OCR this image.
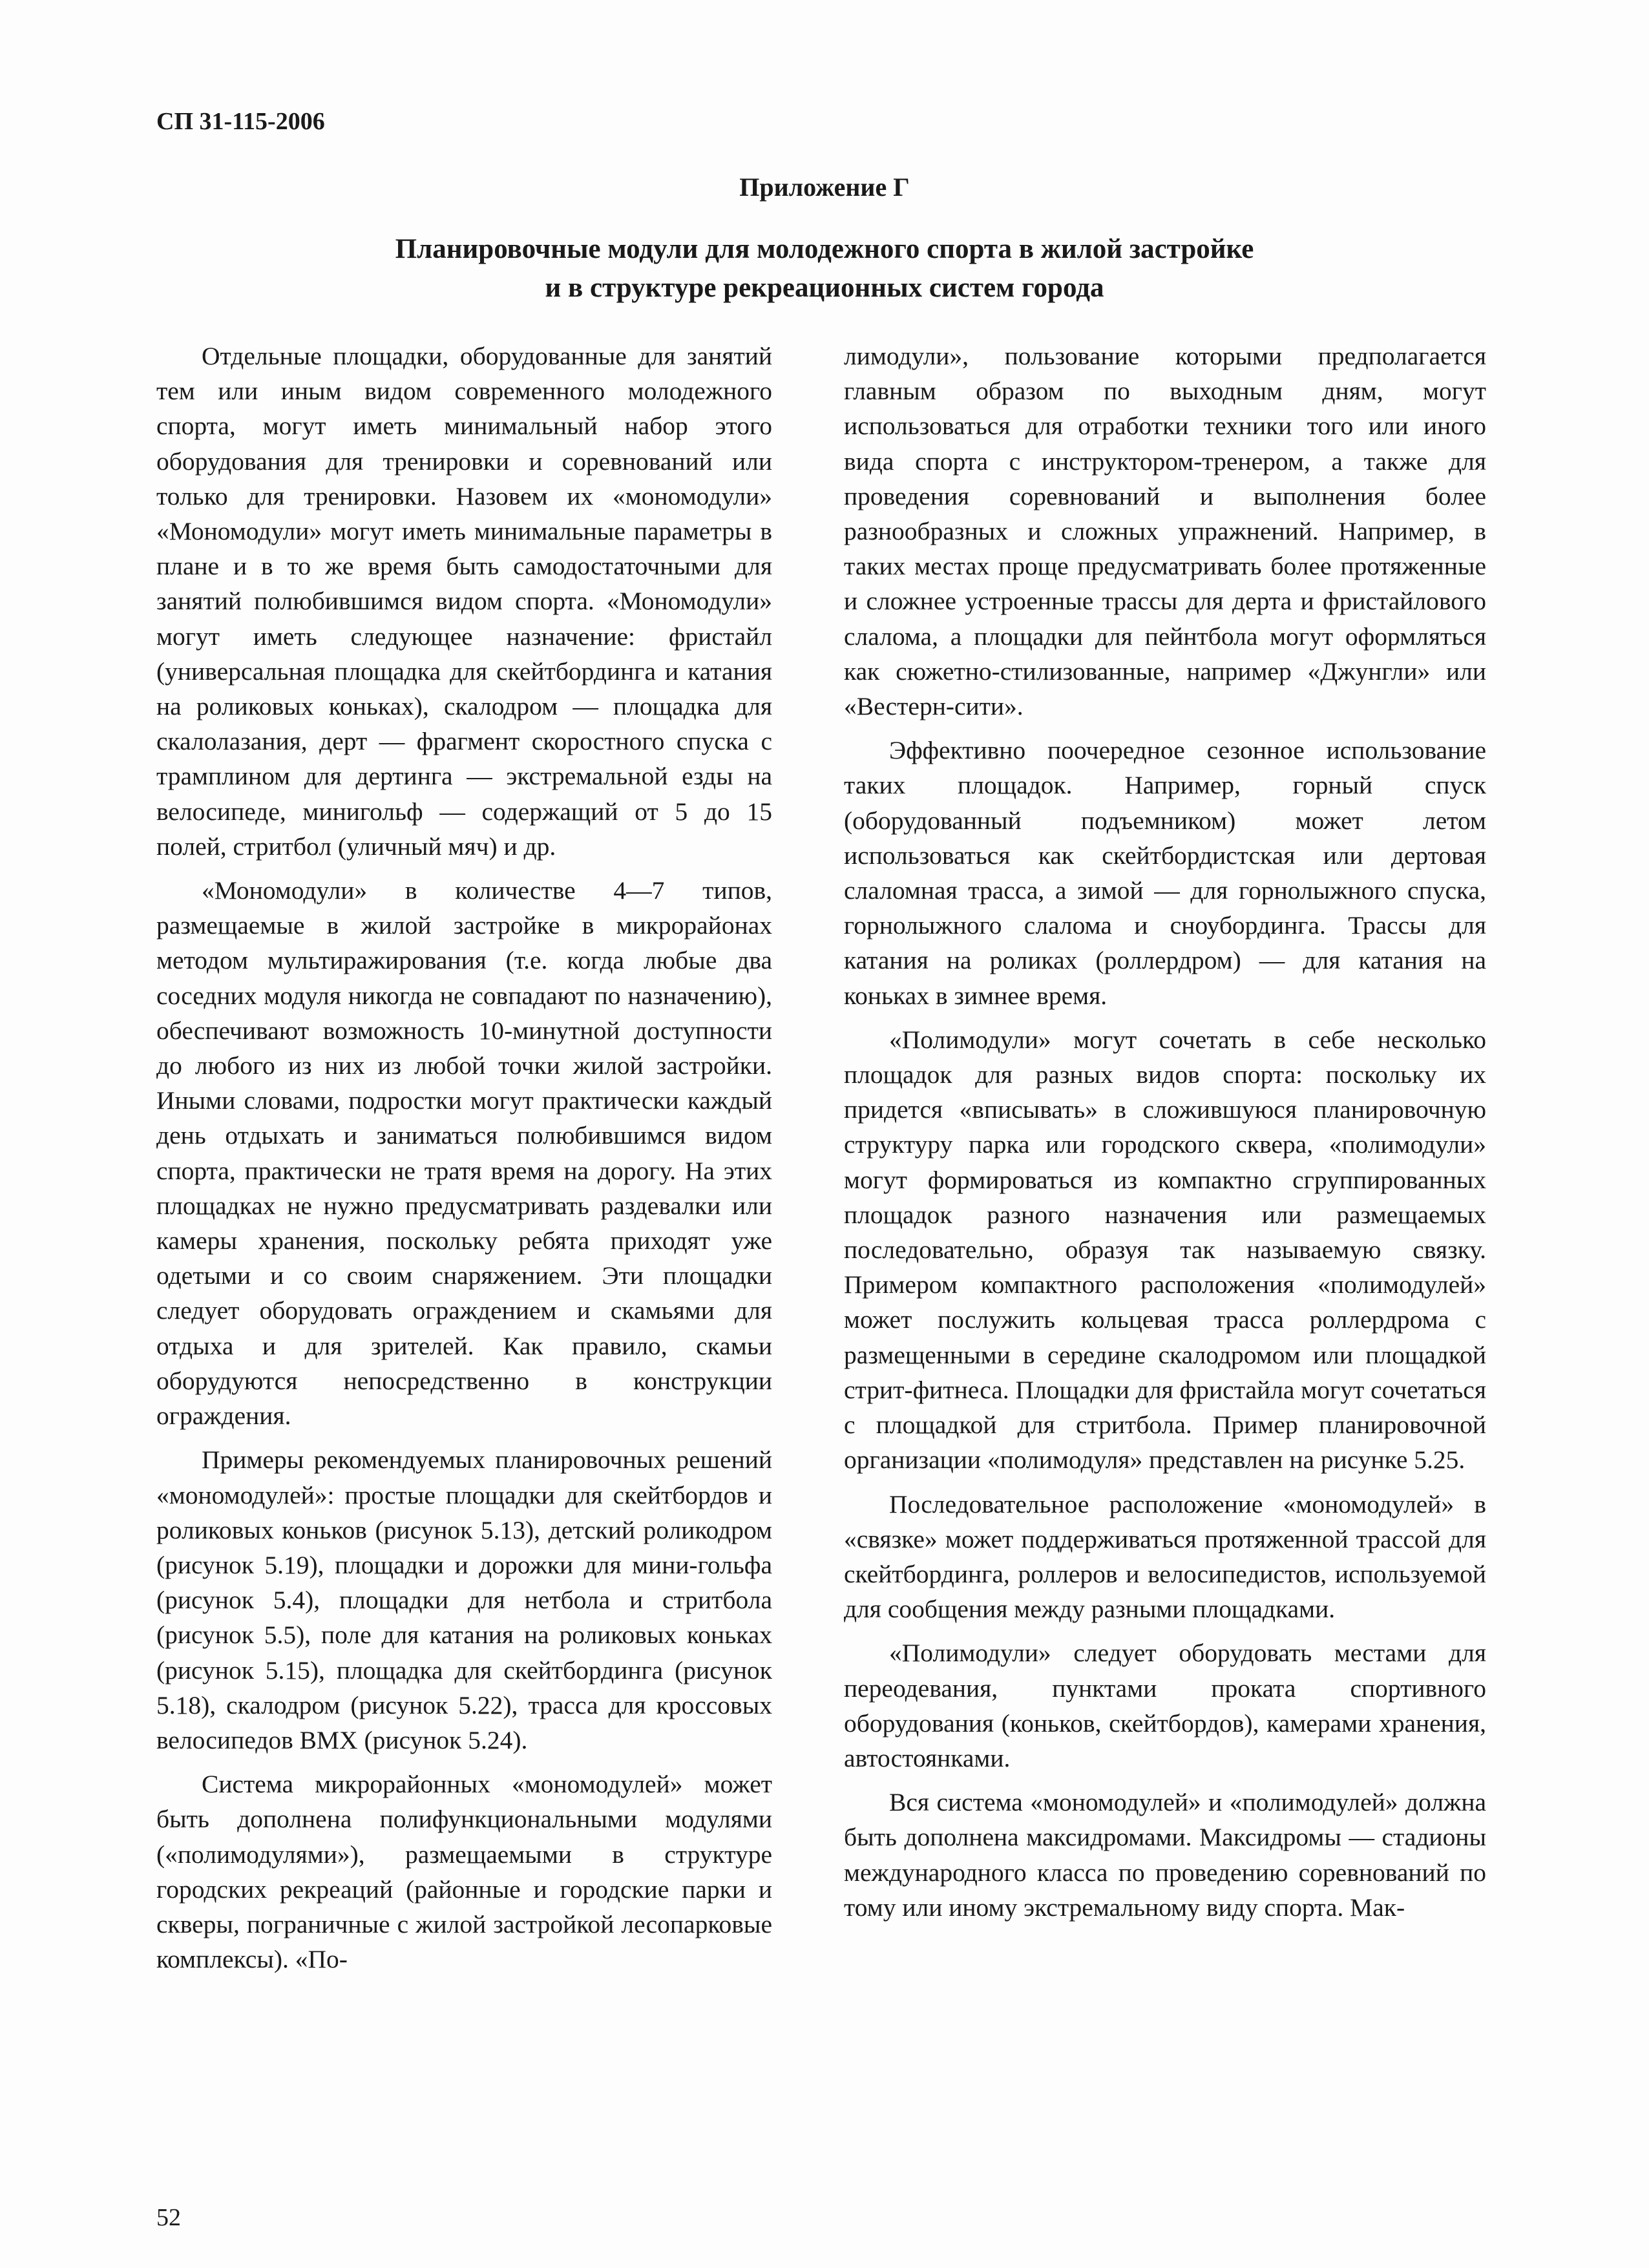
СП 31-115-2006
Приложение Г
Планировочные модули для молодежного спорта в жилой застройке
и в структуре рекреационных систем города

Отдельные площадки, оборудованные для занятий тем или иным видом современного молодежного спорта, могут иметь минимальный набор этого оборудования для тренировки и соревнований или только для тренировки. Назовем их «мономодули» «Мономодули» могут иметь минимальные параметры в плане и в то же время быть самодостаточными для занятий полюбившимся видом спорта. «Мономодули» могут иметь следующее назначение: фристайл (универсальная площадка для скейтбординга и катания на роликовых коньках), скалодром — площадка для скалолазания, дерт — фрагмент скоростного спуска с трамплином для дертинга — экстремальной езды на велосипеде, минигольф — содержащий от 5 до 15 полей, стритбол (уличный мяч) и др.

«Мономодули» в количестве 4—7 типов, размещаемые в жилой застройке в микрорайонах методом мультиражирования (т.е. когда любые два соседних модуля никогда не совпадают по назначению), обеспечивают возможность 10-минутной доступности до любого из них из любой точки жилой застройки. Иными словами, подростки могут практически каждый день отдыхать и заниматься полюбившимся видом спорта, практически не тратя время на дорогу. На этих площадках не нужно предусматривать раздевалки или камеры хранения, поскольку ребята приходят уже одетыми и со своим снаряжением. Эти площадки следует оборудовать ограждением и скамьями для отдыха и для зрителей. Как правило, скамьи оборудуются непосредственно в конструкции ограждения.

Примеры рекомендуемых планировочных решений «мономодулей»: простые площадки для скейтбордов и роликовых коньков (рисунок 5.13), детский роликодром (рисунок 5.19), площадки и дорожки для мини-гольфа (рисунок 5.4), площадки для нетбола и стритбола (рисунок 5.5), поле для катания на роликовых коньках (рисунок 5.15), площадка для скейтбординга (рисунок 5.18), скалодром (рисунок 5.22), трасса для кроссовых велосипедов ВМХ (рисунок 5.24).

Система микрорайонных «мономодулей» может быть дополнена полифункциональными модулями («полимодулями»), размещаемыми в структуре городских рекреаций (районные и городские парки и скверы, пограничные с жилой застройкой лесопарковые комплексы). «По-

лимодули», пользование которыми предполагается главным образом по выходным дням, могут использоваться для отработки техники того или иного вида спорта с инструктором-тренером, а также для проведения соревнований и выполнения более разнообразных и сложных упражнений. Например, в таких местах проще предусматривать более протяженные и сложнее устроенные трассы для дерта и фристайлового слалома, а площадки для пейнтбола могут оформляться как сюжетно-стилизованные, например «Джунгли» или «Вестерн-сити».

Эффективно поочередное сезонное использование таких площадок. Например, горный спуск (оборудованный подъемником) может летом использоваться как скейтбордистская или дертовая слаломная трасса, а зимой — для горнолыжного спуска, горнолыжного слалома и сноубординга. Трассы для катания на роликах (роллердром) — для катания на коньках в зимнее время.

«Полимодули» могут сочетать в себе несколько площадок для разных видов спорта: поскольку их придется «вписывать» в сложившуюся планировочную структуру парка или городского сквера, «полимодули» могут формироваться из компактно сгруппированных площадок разного назначения или размещаемых последовательно, образуя так называемую связку. Примером компактного расположения «полимодулей» может послужить кольцевая трасса роллердрома с размещенными в середине скалодромом или площадкой стрит-фитнеса. Площадки для фристайла могут сочетаться с площадкой для стритбола. Пример планировочной организации «полимодуля» представлен на рисунке 5.25.

Последовательное расположение «мономодулей» в «связке» может поддерживаться протяженной трассой для скейтбординга, роллеров и велосипедистов, используемой для сообщения между разными площадками.

«Полимодули» следует оборудовать местами для переодевания, пунктами проката спортивного оборудования (коньков, скейтбордов), камерами хранения, автостоянками.

Вся система «мономодулей» и «полимодулей» должна быть дополнена максидромами. Максидромы — стадионы международного класса по проведению соревнований по тому или иному экстремальному виду спорта. Мак-

52
